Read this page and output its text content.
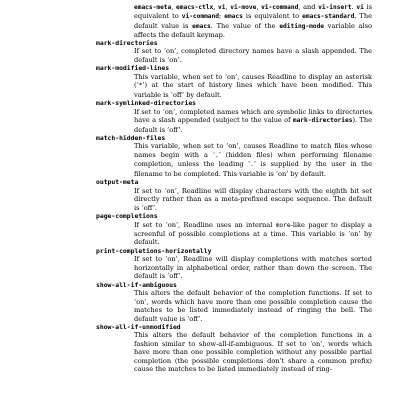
emacs-meta, emacs-ctlx, vi, vi-move, vi-command, and vi-insert. vi is equivalent to vi-command; emacs is equivalent to emacs-standard. The default value is emacs. The value of the editing-mode variable also affects the default keymap.

mark-directories
If set to ‘on’, completed directory names have a slash appended. The default is ‘on’.
mark-modified-lines
This variable, when set to ‘on’, causes Readline to display an asterisk (‘*’) at the start of history lines which have been modified. This variable is ‘off’ by default.
mark-symlinked-directories
If set to ‘on’, completed names which are symbolic links to directories have a slash appended (subject to the value of mark-directories). The default is ‘off’.
match-hidden-files
This variable, when set to ‘on’, causes Readline to match files whose names begin with a ‘.’ (hidden files) when performing filename completion, unless the leading ‘.’ is supplied by the user in the filename to be completed. This variable is ‘on’ by default.
output-meta
If set to ‘on’, Readline will display characters with the eighth bit set directly rather than as a meta-prefixed escape sequence. The default is ‘off’.
page-completions
If set to ‘on’, Readline uses an internal more-like pager to display a screenful of possible completions at a time. This variable is ‘on’ by default.
print-completions-horizontally
If set to ‘on’, Readline will display completions with matches sorted horizontally in alphabetical order, rather than down the screen. The default is ‘off’.
show-all-if-ambiguous
This alters the default behavior of the completion functions. If set to ‘on’, words which have more than one possible completion cause the matches to be listed immediately instead of ringing the bell. The default value is ‘off’.
show-all-if-unmodified
This alters the default behavior of the completion functions in a fashion similar to show-all-if-ambiguous. If set to ‘on’, words which have more than one possible completion without any possible partial completion (the possible completions don’t share a common prefix) cause the matches to be listed immediately instead of ring-
